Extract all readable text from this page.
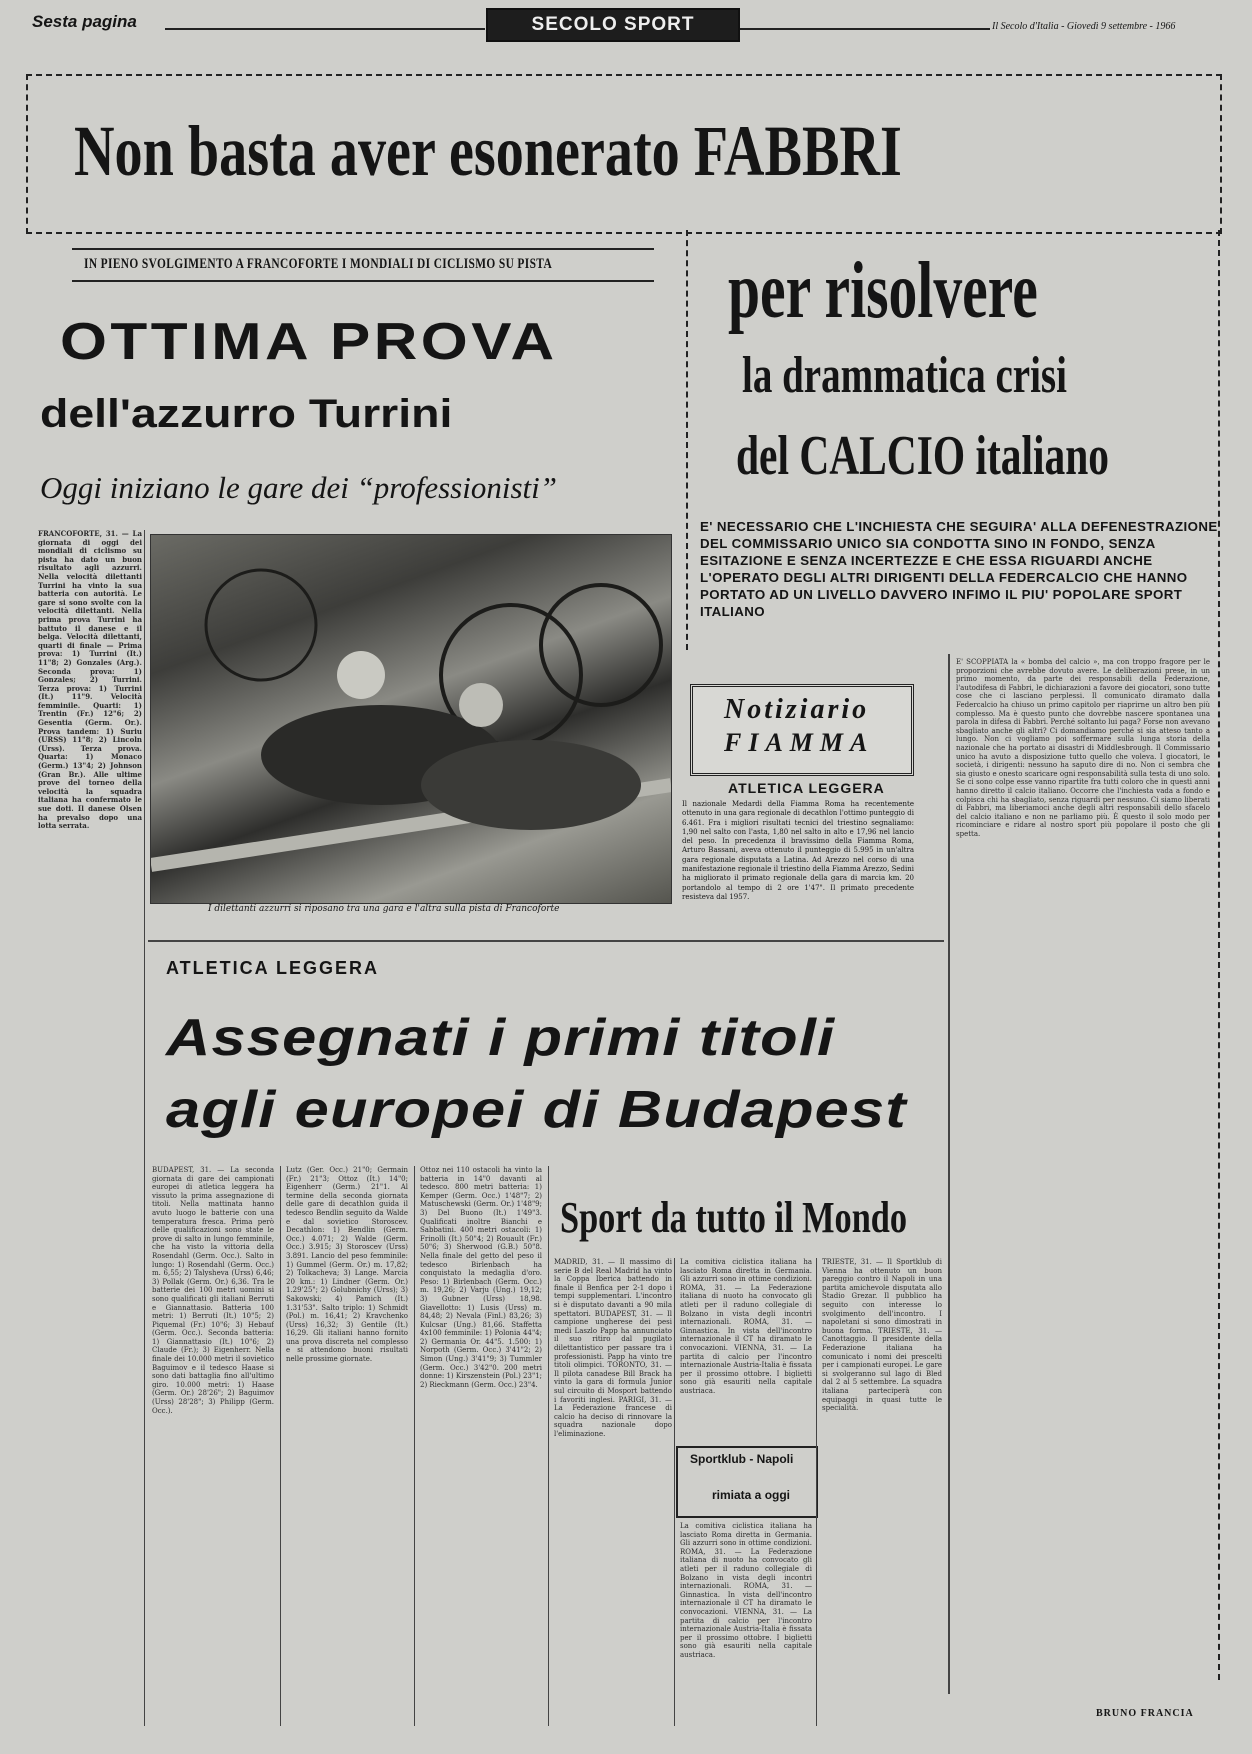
Sesta pagina	SECOLO SPORT	Il Secolo d'Italia - Giovedì 9 settembre - 1966
Non basta aver esonerato FABBRI
per risolvere
la drammatica crisi
del CALCIO italiano
IN PIENO SVOLGIMENTO A FRANCOFORTE I MONDIALI DI CICLISMO SU PISTA
OTTIMA PROVA
dell'azzurro Turrini
Oggi iniziano le gare dei “professionisti”
FRANCOFORTE, 31. — La giornata di oggi dei mondiali di ciclismo su pista ha dato un buon risultato agli azzurri. Nella velocità dilettanti Turrini ha vinto la sua batteria con autorità. Le gare si sono svolte con la velocità dilettanti. Nella prima prova Turrini ha battuto il danese e il belga. Velocità dilettanti, quarti di finale — Prima prova: 1) Turrini (It.) 11"8; 2) Gonzales (Arg.). Seconda prova: 1) Gonzales; 2) Turrini. Terza prova: 1) Turrini (It.) 11"9. Velocità femminile. Quarti: 1) Trentin (Fr.) 12"6; 2) Gesentia (Germ. Or.). Prova tandem: 1) Suriu (URSS) 11"8; 2) Lincoln (Urss). Terza prova. Quarta: 1) Monaco (Germ.) 13"4; 2) Johnson (Gran Br.). Alle ultime prove del torneo della velocità la squadra italiana ha confermato le sue doti. Il danese Olsen ha prevalso dopo una lotta serrata.
I dilettanti azzurri si riposano tra una gara e l'altra sulla pista di Francoforte
E' NECESSARIO CHE L'INCHIESTA CHE SEGUIRA' ALLA DEFENESTRAZIONE DEL COMMISSARIO UNICO SIA CONDOTTA SINO IN FONDO, SENZA ESITAZIONE E SENZA INCERTEZZE E CHE ESSA RIGUARDI ANCHE L'OPERATO DEGLI ALTRI DIRIGENTI DELLA FEDERCALCIO CHE HANNO PORTATO AD UN LIVELLO DAVVERO INFIMO IL PIU' POPOLARE SPORT ITALIANO
Notiziario
FIAMMA
ATLETICA LEGGERA
Il nazionale Medardi della Fiamma Roma ha recentemente ottenuto in una gara regionale di decathlon l'ottimo punteggio di 6.461. Fra i migliori risultati tecnici del triestino segnaliamo: 1,90 nel salto con l'asta, 1,80 nel salto in alto e 17,96 nel lancio del peso. In precedenza il bravissimo della Fiamma Roma, Arturo Bassani, aveva ottenuto il punteggio di 5.995 in un'altra gara regionale disputata a Latina. Ad Arezzo nel corso di una manifestazione regionale il triestino della Fiamma Arezzo, Sedini ha migliorato il primato regionale della gara di marcia km. 20 portandolo al tempo di 2 ore 1'47". Il primato precedente resisteva dal 1957.
E' SCOPPIATA la « bomba del calcio », ma con troppo fragore per le proporzioni che avrebbe dovuto avere. Le deliberazioni prese, in un primo momento, da parte dei responsabili della Federazione, l'autodifesa di Fabbri, le dichiarazioni a favore dei giocatori, sono tutte cose che ci lasciano perplessi. Il comunicato diramato dalla Federcalcio ha chiuso un primo capitolo per riaprirne un altro ben più complesso. Ma è questo punto che dovrebbe nascere spontanea una parola in difesa di Fabbri. Perché soltanto lui paga? Forse non avevano sbagliato anche gli altri? Ci domandiamo perché si sia atteso tanto a lungo. Non ci vogliamo poi soffermare sulla lunga storia della nazionale che ha portato ai disastri di Middlesbrough. Il Commissario unico ha avuto a disposizione tutto quello che voleva. I giocatori, le società, i dirigenti: nessuno ha saputo dire di no. Non ci sembra che sia giusto e onesto scaricare ogni responsabilità sulla testa di uno solo. Se ci sono colpe esse vanno ripartite fra tutti coloro che in questi anni hanno diretto il calcio italiano. Occorre che l'inchiesta vada a fondo e colpisca chi ha sbagliato, senza riguardi per nessuno. Ci siamo liberati di Fabbri, ma liberiamoci anche degli altri responsabili dello sfacelo del calcio italiano e non ne parliamo più. È questo il solo modo per ricominciare e ridare al nostro sport più popolare il posto che gli spetta.
BRUNO FRANCIA
ATLETICA LEGGERA
Assegnati i primi titoli
agli europei di Budapest
BUDAPEST, 31. — La seconda giornata di gare dei campionati europei di atletica leggera ha vissuto la prima assegnazione di titoli. Nella mattinata hanno avuto luogo le batterie con una temperatura fresca. Prima però delle qualificazioni sono state le prove di salto in lungo femminile, che ha visto la vittoria della Rosendahl (Germ. Occ.). Salto in lungo: 1) Rosendahl (Germ. Occ.) m. 6,55; 2) Talysheva (Urss) 6,46; 3) Pollak (Germ. Or.) 6,36. Tra le batterie dei 100 metri uomini si sono qualificati gli italiani Berruti e Giannattasio. Batteria 100 metri: 1) Berruti (It.) 10"5; 2) Piquemal (Fr.) 10"6; 3) Hebauf (Germ. Occ.). Seconda batteria: 1) Giannattasio (It.) 10"6; 2) Claude (Fr.); 3) Eigenherr. Nella finale dei 10.000 metri il sovietico Baguimov e il tedesco Haase si sono dati battaglia fino all'ultimo giro. 10.000 metri: 1) Haase (Germ. Or.) 28'26"; 2) Baguimov (Urss) 28'28"; 3) Philipp (Germ. Occ.).
Lutz (Ger. Occ.) 21"0; Germain (Fr.) 21"3; Ottoz (It.) 14"0; Eigenherr (Germ.) 21"1. Al termine della seconda giornata delle gare di decathlon guida il tedesco Bendlin seguito da Walde e dal sovietico Storoscev. Decathlon: 1) Bendlin (Germ. Occ.) 4.071; 2) Walde (Germ. Occ.) 3.915; 3) Storoscev (Urss) 3.891. Lancio del peso femminile: 1) Gummel (Germ. Or.) m. 17,82; 2) Tolkacheva; 3) Lange. Marcia 20 km.: 1) Lindner (Germ. Or.) 1.29'25"; 2) Golubnichy (Urss); 3) Sakowski; 4) Pamich (It.) 1.31'53". Salto triplo: 1) Schmidt (Pol.) m. 16,41; 2) Kravchenko (Urss) 16,32; 3) Gentile (It.) 16,29. Gli italiani hanno fornito una prova discreta nel complesso e si attendono buoni risultati nelle prossime giornate.
Ottoz nei 110 ostacoli ha vinto la batteria in 14"0 davanti al tedesco. 800 metri batteria: 1) Kemper (Germ. Occ.) 1'48"7; 2) Matuschewski (Germ. Or.) 1'48"9; 3) Del Buono (It.) 1'49"3. Qualificati inoltre Bianchi e Sabbatini. 400 metri ostacoli: 1) Frinolli (It.) 50"4; 2) Rouault (Fr.) 50"6; 3) Sherwood (G.B.) 50"8. Nella finale del getto del peso il tedesco Birlenbach ha conquistato la medaglia d'oro. Peso: 1) Birlenbach (Germ. Occ.) m. 19,26; 2) Varju (Ung.) 19,12; 3) Gubner (Urss) 18,98. Giavellotto: 1) Lusis (Urss) m. 84,48; 2) Nevala (Finl.) 83,26; 3) Kulcsar (Ung.) 81,66. Staffetta 4x100 femminile: 1) Polonia 44"4; 2) Germania Or. 44"5. 1.500: 1) Norpoth (Germ. Occ.) 3'41"2; 2) Simon (Ung.) 3'41"9; 3) Tummler (Germ. Occ.) 3'42"0. 200 metri donne: 1) Kirszenstein (Pol.) 23"1; 2) Rieckmann (Germ. Occ.) 23"4.
Sport da tutto il Mondo
MADRID, 31. — Il massimo di serie B del Real Madrid ha vinto la Coppa Iberica battendo in finale il Benfica per 2-1 dopo i tempi supplementari. L'incontro si è disputato davanti a 90 mila spettatori. BUDAPEST, 31. — Il campione ungherese dei pesi medi Laszlo Papp ha annunciato il suo ritiro dal pugilato dilettantistico per passare tra i professionisti. Papp ha vinto tre titoli olimpici. TORONTO, 31. — Il pilota canadese Bill Brack ha vinto la gara di formula Junior sul circuito di Mosport battendo i favoriti inglesi. PARIGI, 31. — La Federazione francese di calcio ha deciso di rinnovare la squadra nazionale dopo l'eliminazione.
La comitiva ciclistica italiana ha lasciato Roma diretta in Germania. Gli azzurri sono in ottime condizioni. ROMA, 31. — La Federazione italiana di nuoto ha convocato gli atleti per il raduno collegiale di Bolzano in vista degli incontri internazionali. ROMA, 31. — Ginnastica. In vista dell'incontro internazionale il CT ha diramato le convocazioni. VIENNA, 31. — La partita di calcio per l'incontro internazionale Austria-Italia è fissata per il prossimo ottobre. I biglietti sono già esauriti nella capitale austriaca.
Sportklub - Napoli
rimiata a oggi
La comitiva ciclistica italiana ha lasciato Roma diretta in Germania. Gli azzurri sono in ottime condizioni. ROMA, 31. — La Federazione italiana di nuoto ha convocato gli atleti per il raduno collegiale di Bolzano in vista degli incontri internazionali. ROMA, 31. — Ginnastica. In vista dell'incontro internazionale il CT ha diramato le convocazioni. VIENNA, 31. — La partita di calcio per l'incontro internazionale Austria-Italia è fissata per il prossimo ottobre. I biglietti sono già esauriti nella capitale austriaca.
TRIESTE, 31. — Il Sportklub di Vienna ha ottenuto un buon pareggio contro il Napoli in una partita amichevole disputata allo Stadio Grezar. Il pubblico ha seguito con interesse lo svolgimento dell'incontro. I napoletani si sono dimostrati in buona forma. TRIESTE, 31. — Canottaggio. Il presidente della Federazione italiana ha comunicato i nomi dei prescelti per i campionati europei. Le gare si svolgeranno sul lago di Bled dal 2 al 5 settembre. La squadra italiana parteciperà con equipaggi in quasi tutte le specialità.
